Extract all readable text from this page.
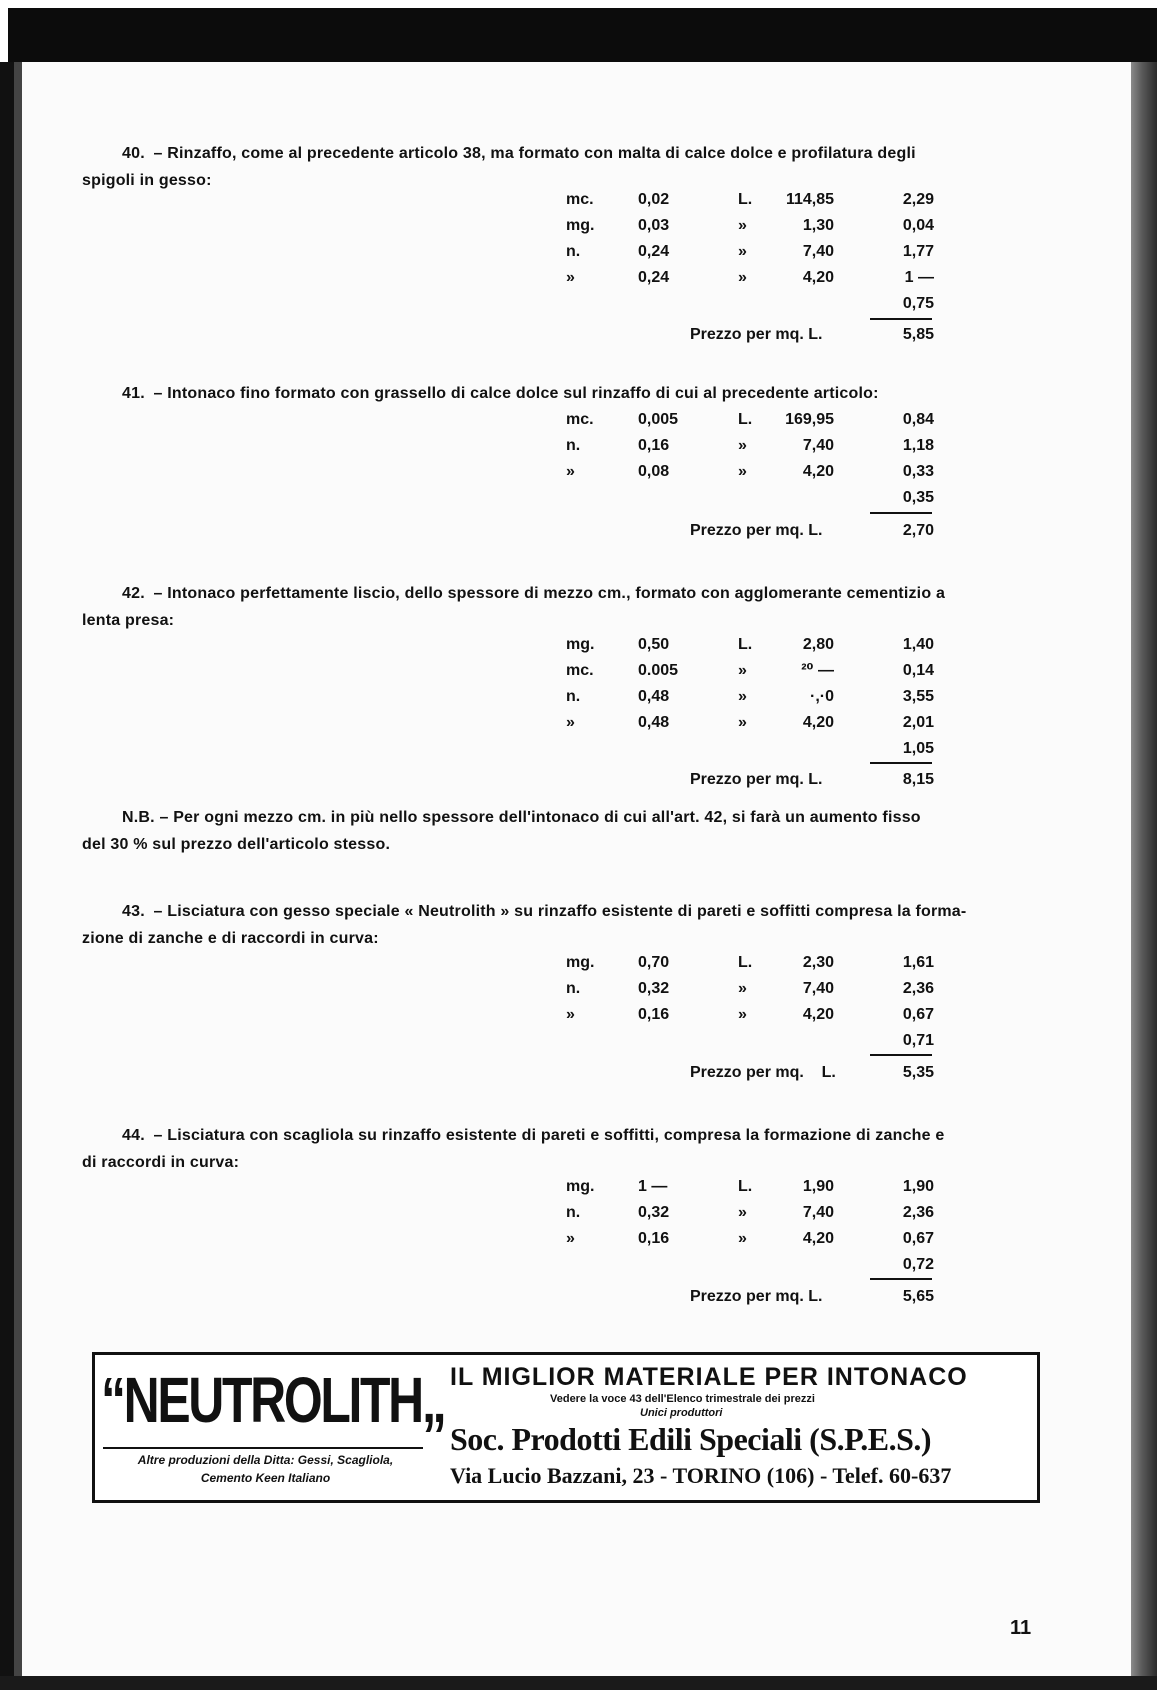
40. – Rinzaffo, come al precedente articolo 38, ma formato con malta di calce dolce e profilatura degli
spigoli in gesso:
mc.	0,02	L.	114,85	2,29
mg.	0,03	»	1,30	0,04
n.	0,24	»	7,40	1,77
»	0,24	»	4,20	1 —
0,75
Prezzo per mq. L.	5,85
41. – Intonaco fino formato con grassello di calce dolce sul rinzaffo di cui al precedente articolo:
mc.	0,005	L.	169,95	0,84
n.	0,16	»	7,40	1,18
»	0,08	»	4,20	0,33
0,35
Prezzo per mq. L.	2,70
42. – Intonaco perfettamente liscio, dello spessore di mezzo cm., formato con agglomerante cementizio a
lenta presa:
mg.	0,50	L.	2,80	1,40
mc.	0.005	»	²⁰ —	0,14
n.	0,48	»	·,·0	3,55
»	0,48	»	4,20	2,01
1,05
Prezzo per mq. L.	8,15
N.B. – Per ogni mezzo cm. in più nello spessore dell'intonaco di cui all'art. 42, si farà un aumento fisso
del 30 % sul prezzo dell'articolo stesso.
43. – Lisciatura con gesso speciale « Neutrolith » su rinzaffo esistente di pareti e soffitti compresa la forma-
zione di zanche e di raccordi in curva:
mg.	0,70	L.	2,30	1,61
n.	0,32	»	7,40	2,36
»	0,16	»	4,20	0,67
0,71
Prezzo per mq.    L.	5,35
44. – Lisciatura con scagliola su rinzaffo esistente di pareti e soffitti, compresa la formazione di zanche e
di raccordi in curva:
mg.	1 —	L.	1,90	1,90
n.	0,32	»	7,40	2,36
»	0,16	»	4,20	0,67
0,72
Prezzo per mq. L.	5,65
“NEUTROLITH„
Altre produzioni della Ditta: Gessi, Scagliola,
Cemento Keen Italiano
IL MIGLIOR MATERIALE PER INTONACO
Vedere la voce 43 dell'Elenco trimestrale dei prezzi
Unici produttori
Soc. Prodotti Edili Speciali (S.P.E.S.)
Via Lucio Bazzani, 23 - TORINO (106) - Telef. 60-637
11
